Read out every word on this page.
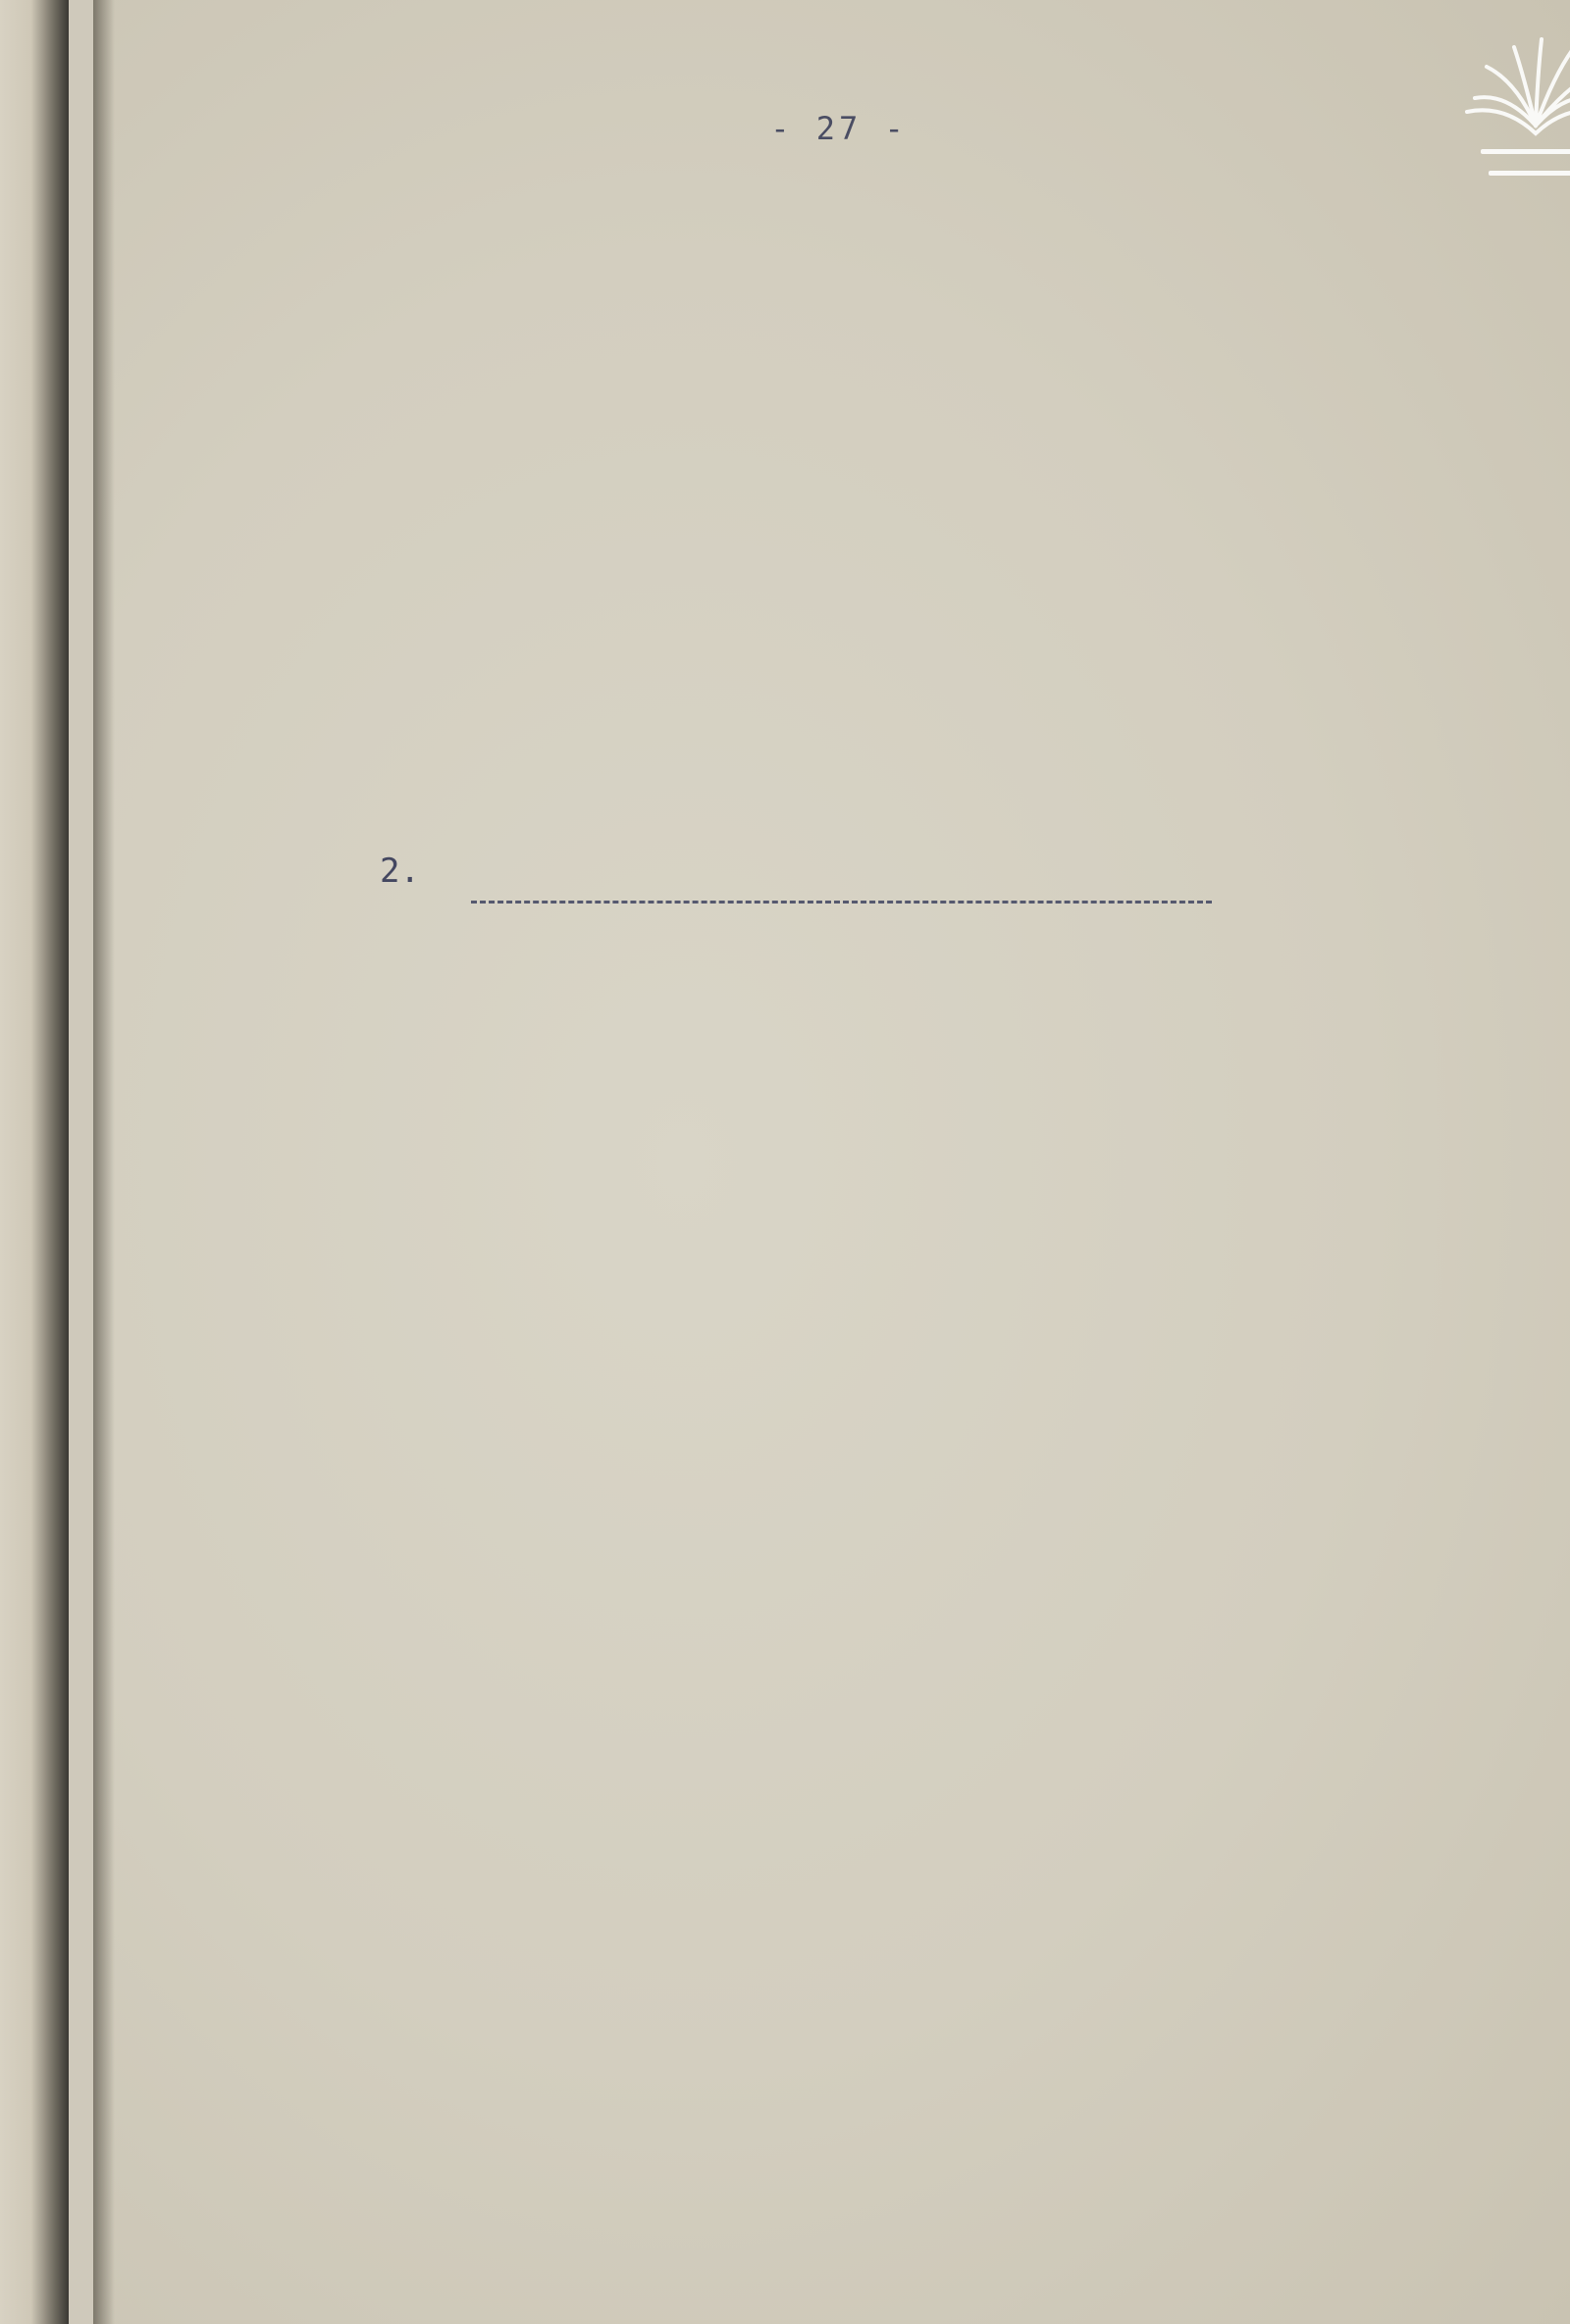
- 27 -
2.
